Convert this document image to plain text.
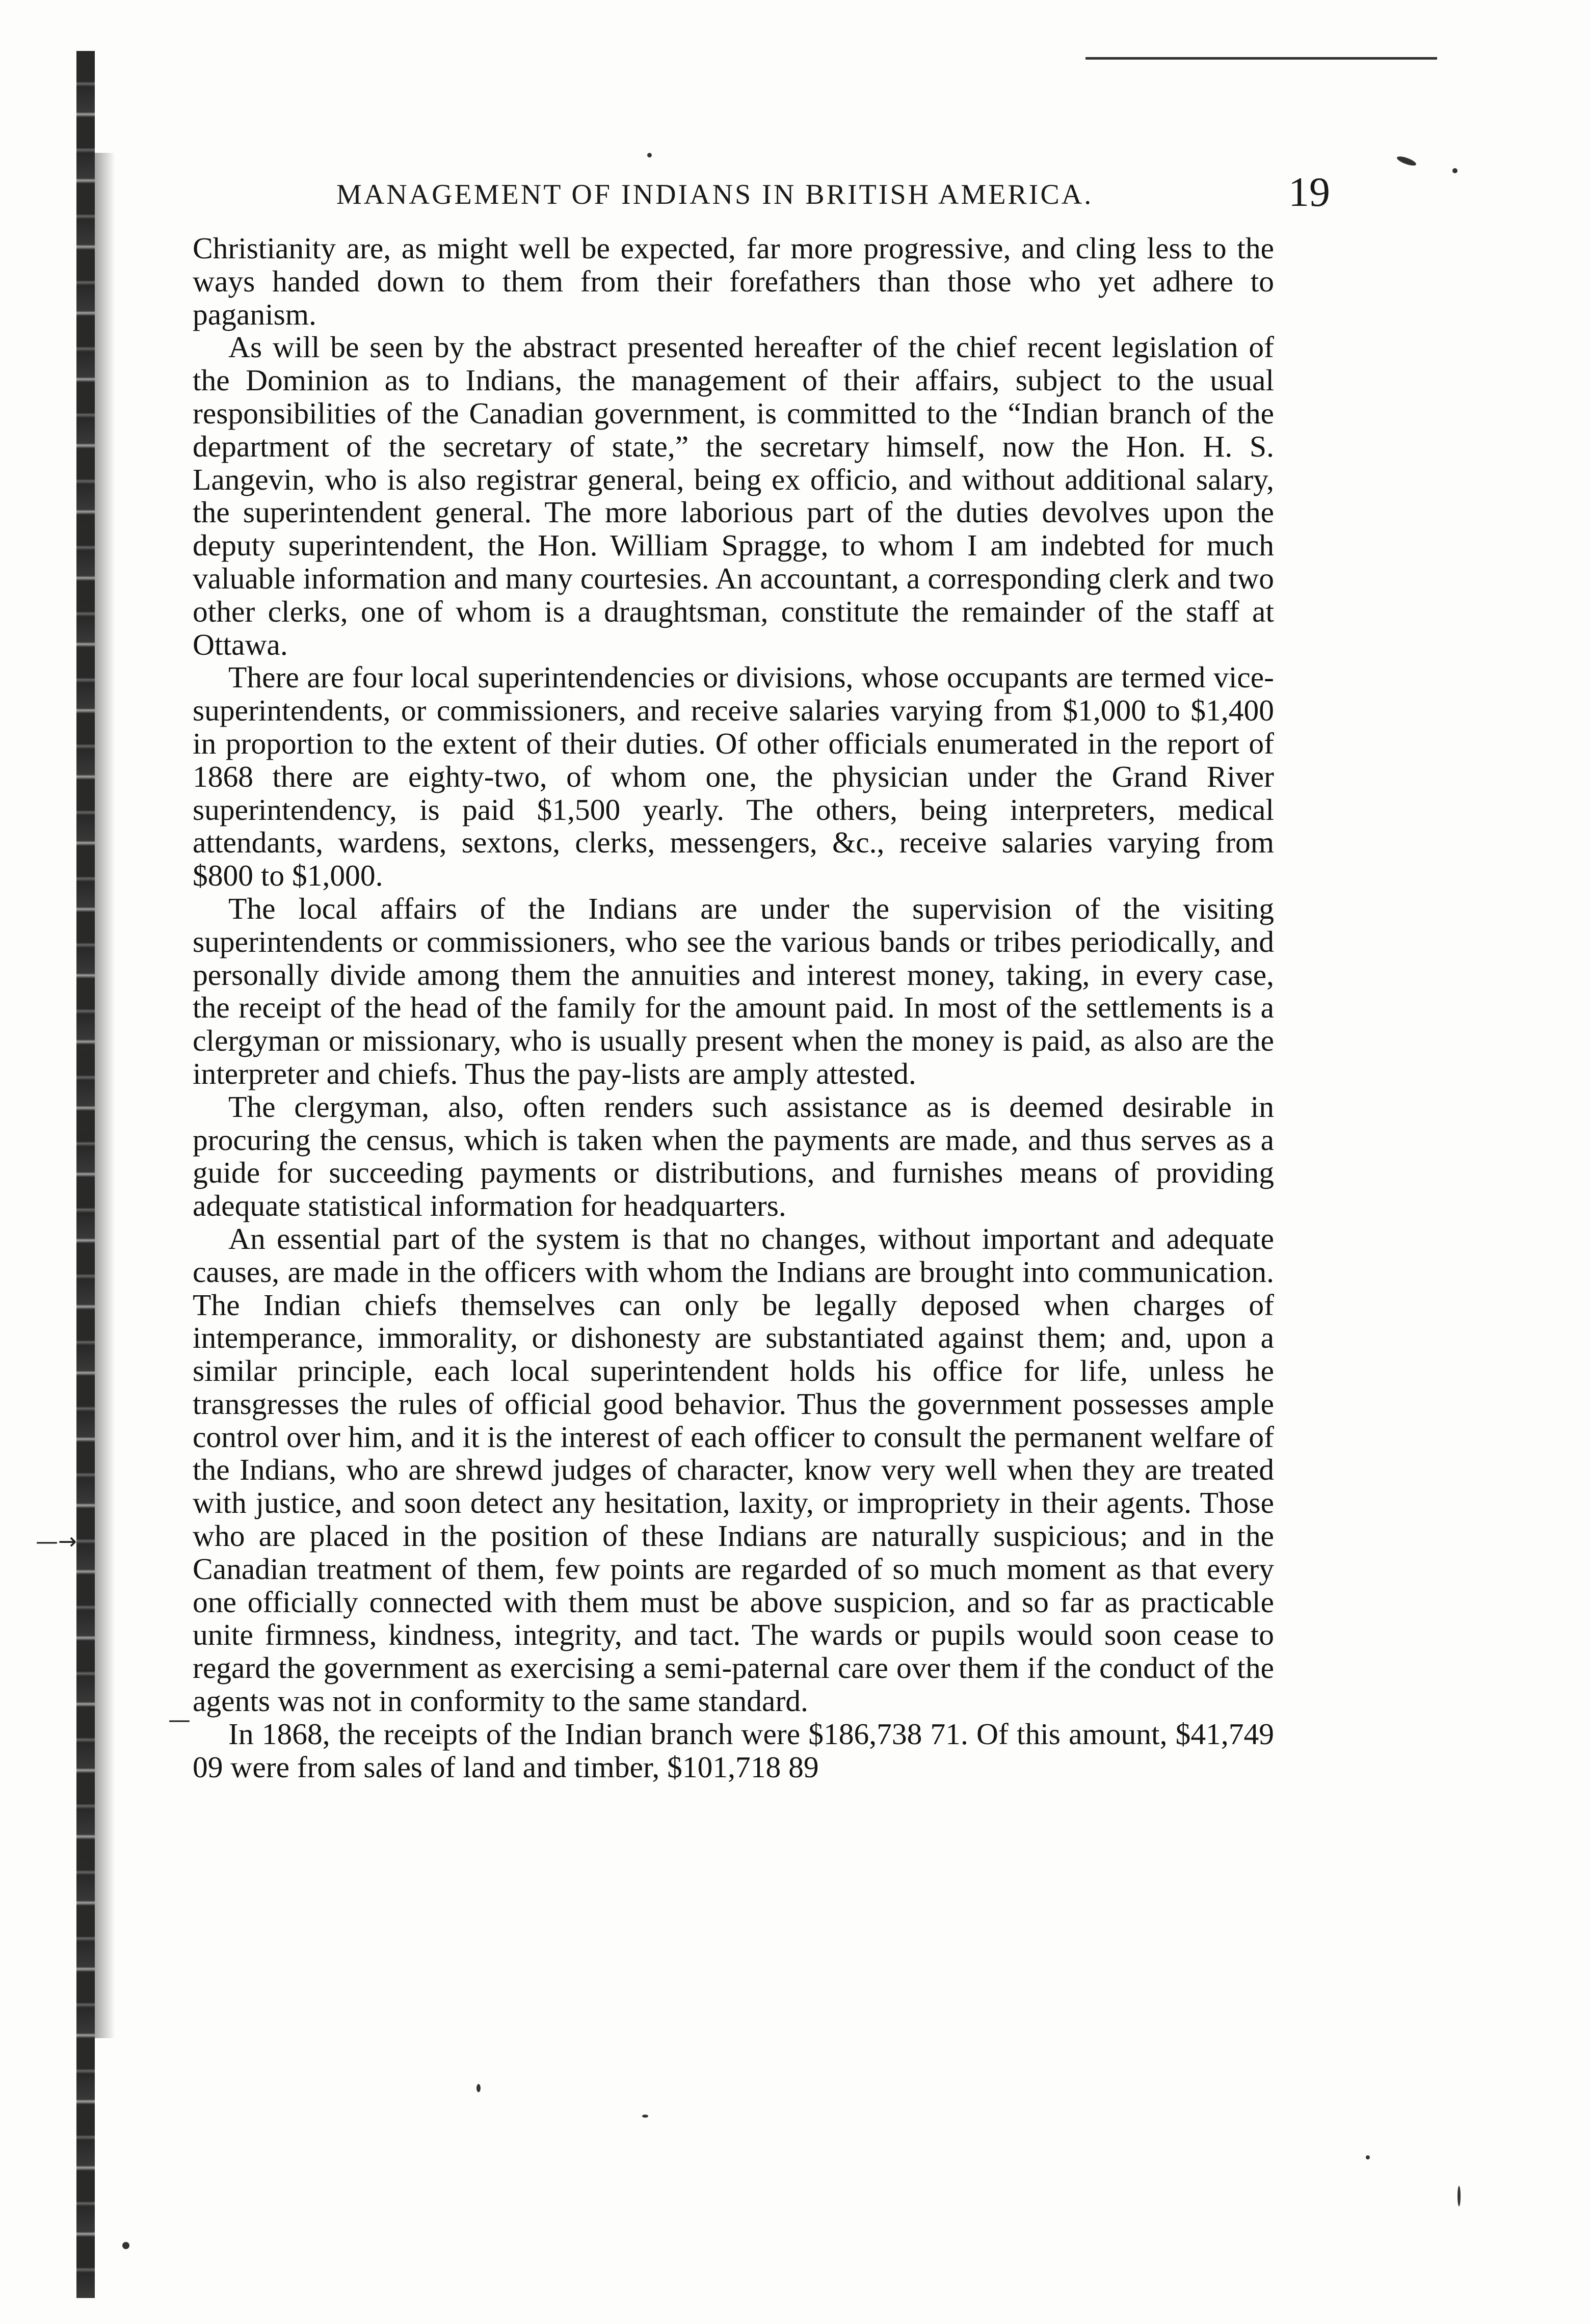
—→
—
MANAGEMENT OF INDIANS IN BRITISH AMERICA.	19

Christianity are, as might well be expected, far more progressive, and cling less to the ways handed down to them from their forefathers than those who yet adhere to paganism.

As will be seen by the abstract presented hereafter of the chief recent legislation of the Dominion as to Indians, the management of their affairs, subject to the usual responsibilities of the Canadian government, is committed to the “Indian branch of the department of the secretary of state,” the secretary himself, now the Hon. H. S. Langevin, who is also registrar general, being ex officio, and without additional salary, the superintendent general. The more laborious part of the duties devolves upon the deputy superintendent, the Hon. William Spragge, to whom I am indebted for much valuable information and many courtesies. An accountant, a corresponding clerk and two other clerks, one of whom is a draughtsman, constitute the remainder of the staff at Ottawa.

There are four local superintendencies or divisions, whose occupants are termed vice-superintendents, or commissioners, and receive salaries varying from $1,000 to $1,400 in proportion to the extent of their duties. Of other officials enumerated in the report of 1868 there are eighty-two, of whom one, the physician under the Grand River superintendency, is paid $1,500 yearly. The others, being interpreters, medical attendants, wardens, sextons, clerks, messengers, &c., receive salaries varying from $800 to $1,000.

The local affairs of the Indians are under the supervision of the visiting superintendents or commissioners, who see the various bands or tribes periodically, and personally divide among them the annuities and interest money, taking, in every case, the receipt of the head of the family for the amount paid. In most of the settlements is a clergyman or missionary, who is usually present when the money is paid, as also are the interpreter and chiefs. Thus the pay-lists are amply attested.

The clergyman, also, often renders such assistance as is deemed desirable in procuring the census, which is taken when the payments are made, and thus serves as a guide for succeeding payments or distributions, and furnishes means of providing adequate statistical information for headquarters.

An essential part of the system is that no changes, without important and adequate causes, are made in the officers with whom the Indians are brought into communication. The Indian chiefs themselves can only be legally deposed when charges of intemperance, immorality, or dishonesty are substantiated against them; and, upon a similar principle, each local superintendent holds his office for life, unless he transgresses the rules of official good behavior. Thus the government possesses ample control over him, and it is the interest of each officer to consult the permanent welfare of the Indians, who are shrewd judges of character, know very well when they are treated with justice, and soon detect any hesitation, laxity, or impropriety in their agents. Those who are placed in the position of these Indians are naturally suspicious; and in the Canadian treatment of them, few points are regarded of so much moment as that every one officially connected with them must be above suspicion, and so far as practicable unite firmness, kindness, integrity, and tact. The wards or pupils would soon cease to regard the government as exercising a semi-paternal care over them if the conduct of the agents was not in conformity to the same standard.

In 1868, the receipts of the Indian branch were $186,738 71. Of this amount, $41,749 09 were from sales of land and timber, $101,718 89
